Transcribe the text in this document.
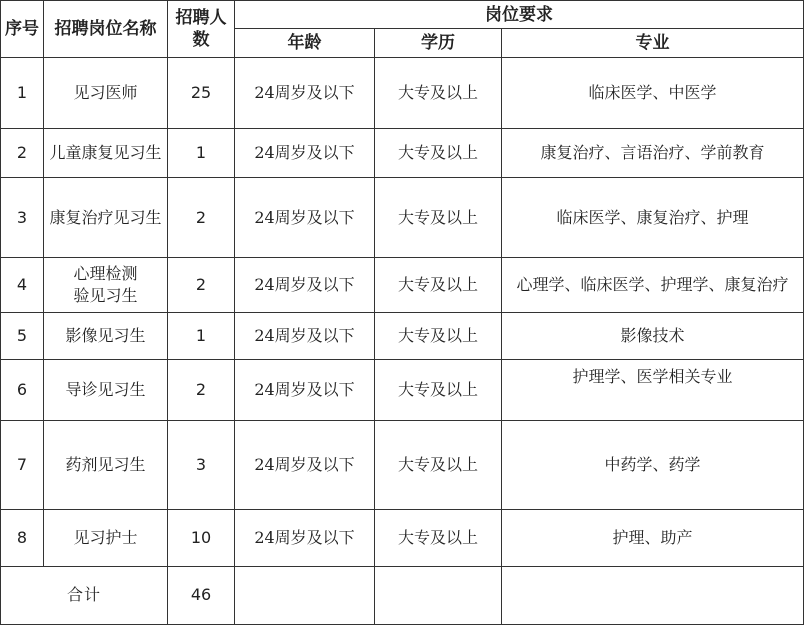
序号	招聘岗位名称	招聘人数	岗位要求		
			年龄	学历	专业
1	见习医师	25	24周岁及以下	大专及以上	临床医学、中医学
2	儿童康复见习生	1	24周岁及以下	大专及以上	康复治疗、言语治疗、学前教育
3	康复治疗见习生	2	24周岁及以下	大专及以上	临床医学、康复治疗、护理
4	心理检测验见习生	2	24周岁及以下	大专及以上	心理学、临床医学、护理学、康复治疗
5	影像见习生	1	24周岁及以下	大专及以上	影像技术
6	导诊见习生	2	24周岁及以下	大专及以上	护理学、医学相关专业
7	药剂见习生	3	24周岁及以下	大专及以上	中药学、药学
8	见习护士	10	24周岁及以下	大专及以上	护理、助产
合计		46			
